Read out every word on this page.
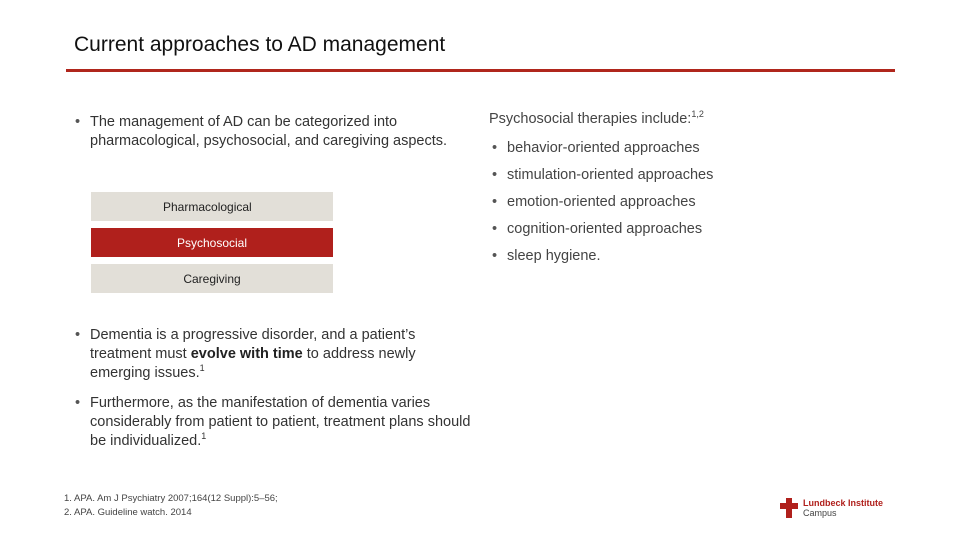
Current approaches to AD management
• The management of AD can be categorized into pharmacological, psychosocial, and caregiving aspects.
Pharmacological
Psychosocial
Caregiving
• Dementia is a progressive disorder, and a patient’s treatment must evolve with time to address newly emerging issues.$^1$
• Furthermore, as the manifestation of dementia varies considerably from patient to patient, treatment plans should be individualized.$^1$
Psychosocial therapies include:$^{1,2}$
• behavior-oriented approaches
• stimulation-oriented approaches
• emotion-oriented approaches
• cognition-oriented approaches
• sleep hygiene.
1. APA. Am J Psychiatry 2007;164(12 Suppl):5–56;
2. APA. Guideline watch. 2014
Lundbeck Institute
Campus
